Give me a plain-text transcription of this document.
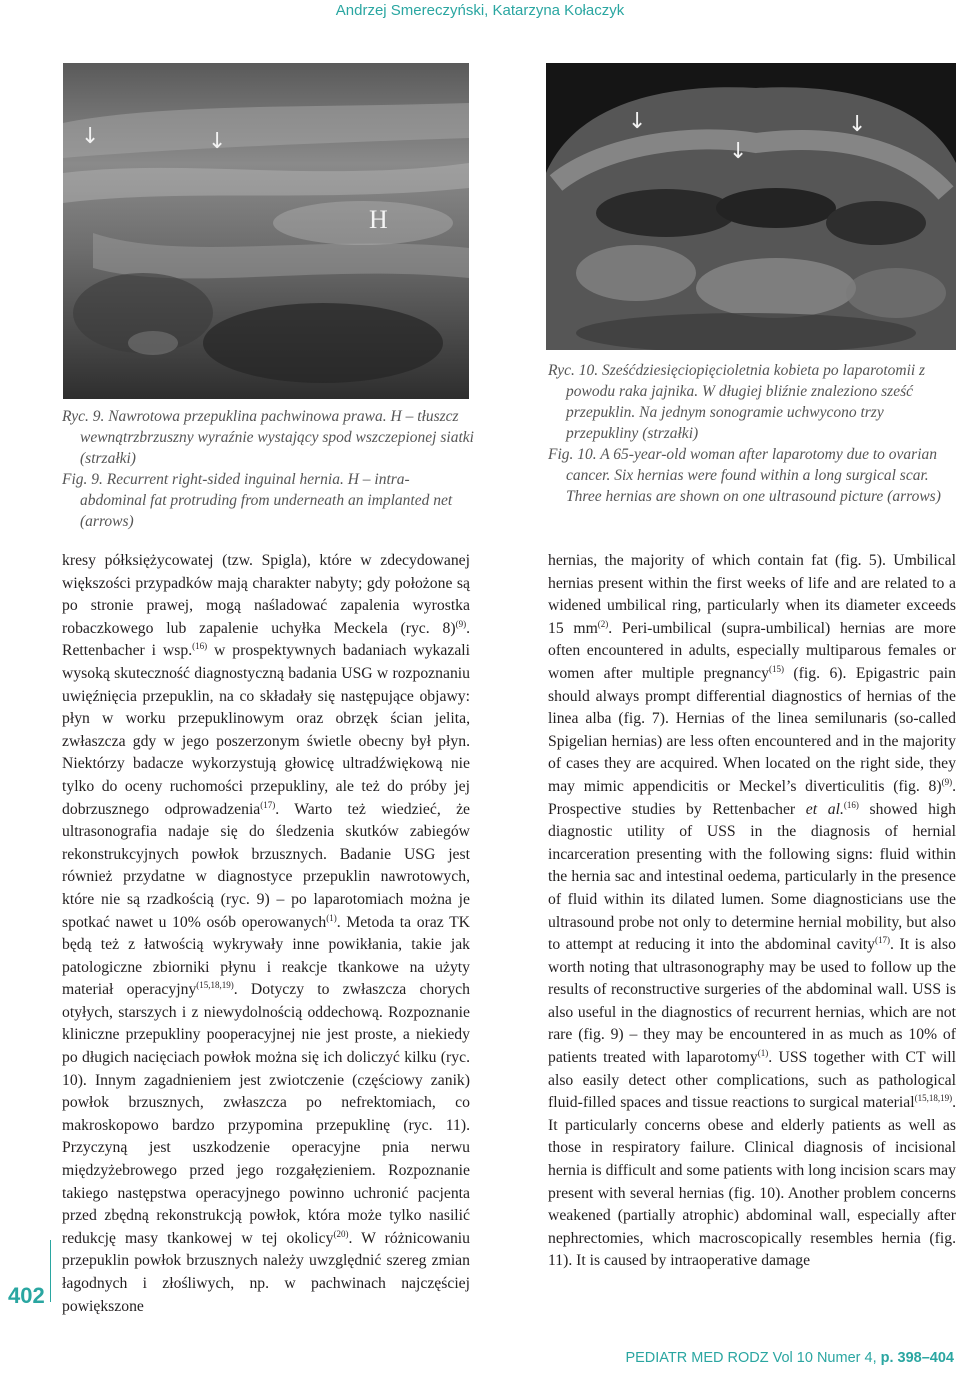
Andrzej Smereczyński, Katarzyna Kołaczyk
↓	↓
H
↓
↓
↓

Ryc. 9. Nawrotowa przepuklina pachwinowa prawa. H – tłuszcz wewnątrzbrzuszny wyraźnie wystający spod wszczepionej siatki (strzałki)

Fig. 9. Recurrent right-sided inguinal hernia. H – intra-abdominal fat protruding from underneath an implanted net (arrows)

Ryc. 10. Sześćdziesięciopięcioletnia kobieta po laparotomii z powodu raka jajnika. W długiej bliźnie znaleziono sześć przepuklin. Na jednym sonogramie uchwycono trzy przepukliny (strzałki)

Fig. 10. A 65-year-old woman after laparotomy due to ovarian cancer. Six hernias were found within a long surgical scar. Three hernias are shown on one ultrasound picture (arrows)

kresy półksiężycowatej (tzw. Spigla), które w zdecydowanej większości przypadków mają charakter nabyty; gdy położone są po stronie prawej, mogą naśladować zapalenia wyrostka robaczkowego lub zapalenie uchyłka Meckela (ryc. 8)$^{(9)}$. Rettenbacher i wsp.$^{(16)}$ w prospektywnych badaniach wykazali wysoką skuteczność diagnostyczną badania USG w rozpoznaniu uwięźnięcia przepuklin, na co składały się następujące objawy: płyn w worku przepuklinowym oraz obrzęk ścian jelita, zwłaszcza gdy w jego poszerzonym świetle obecny był płyn. Niektórzy badacze wykorzystują głowicę ultradźwiękową nie tylko do oceny ruchomości przepukliny, ale też do próby jej dobrzusznego odprowadzenia$^{(17)}$. Warto też wiedzieć, że ultrasonografia nadaje się do śledzenia skutków zabiegów rekonstrukcyjnych powłok brzusznych. Badanie USG jest również przydatne w diagnostyce przepuklin nawrotowych, które nie są rzadkością (ryc. 9) – po laparotomiach można je spotkać nawet u 10% osób operowanych$^{(1)}$. Metoda ta oraz TK będą też z łatwością wykrywały inne powikłania, takie jak patologiczne zbiorniki płynu i reakcje tkankowe na użyty materiał operacyjny$^{(15,18,19)}$. Dotyczy to zwłaszcza chorych otyłych, starszych i z niewydolnością oddechową. Rozpoznanie kliniczne przepukliny pooperacyjnej nie jest proste, a niekiedy po długich nacięciach powłok można się ich doliczyć kilku (ryc. 10). Innym zagadnieniem jest zwiotczenie (częściowy zanik) powłok brzusznych, zwłaszcza po nefrektomiach, co makroskopowo bardzo przypomina przepuklinę (ryc. 11). Przyczyną jest uszkodzenie operacyjne pnia nerwu międzyżebrowego przed jego rozgałęzieniem. Rozpoznanie takiego następstwa operacyjnego powinno uchronić pacjenta przed zbędną rekonstrukcją powłok, która może tylko nasilić redukcję masy tkankowej w tej okolicy$^{(20)}$. W różnicowaniu przepuklin powłok brzusznych należy uwzględnić szereg zmian łagodnych i złośliwych, np. w pachwinach najczęściej powiększone

hernias, the majority of which contain fat (fig. 5). Umbilical hernias present within the first weeks of life and are related to a widened umbilical ring, particularly when its diameter exceeds 15 $mm^{(2)}$. Peri-umbilical (supra-umbilical) hernias are more often encountered in adults, especially multiparous females or women after multiple pregnancy$^{(15)}$ (fig. 6). Epigastric pain should always prompt differential diagnostics of hernias of the linea alba (fig. 7). Hernias of the linea semilunaris (so-called Spigelian hernias) are less often encountered and in the majority of cases they are acquired. When located on the right side, they may mimic appendicitis or Meckel’s diverticulitis (fig. 8)$^{(9)}$. Prospective studies by Rettenbacher et al.$^{(16)}$ showed high diagnostic utility of USS in the diagnosis of hernial incarceration presenting with the following signs: fluid within the hernia sac and intestinal oedema, particularly in the presence of fluid within its dilated lumen. Some diagnosticians use the ultrasound probe not only to determine hernial mobility, but also to attempt at reducing it into the abdominal cavity$^{(17)}$. It is also worth noting that ultrasonography may be used to follow up the results of reconstructive surgeries of the abdominal wall. USS is also useful in the diagnostics of recurrent hernias, which are not rare (fig. 9) – they may be encountered in as much as 10% of patients treated with laparotomy$^{(1)}$. USS together with CT will also easily detect other complications, such as pathological fluid-filled spaces and tissue reactions to surgical material$^{(15,18,19)}$. It particularly concerns obese and elderly patients as well as those in respiratory failure. Clinical diagnosis of incisional hernia is difficult and some patients with long incision scars may present with several hernias (fig. 10). Another problem concerns weakened (partially atrophic) abdominal wall, especially after nephrectomies, which macroscopically resembles hernia (fig. 11). It is caused by intraoperative damage

402
PEDIATR MED RODZ Vol 10 Numer 4, p. 398–404
